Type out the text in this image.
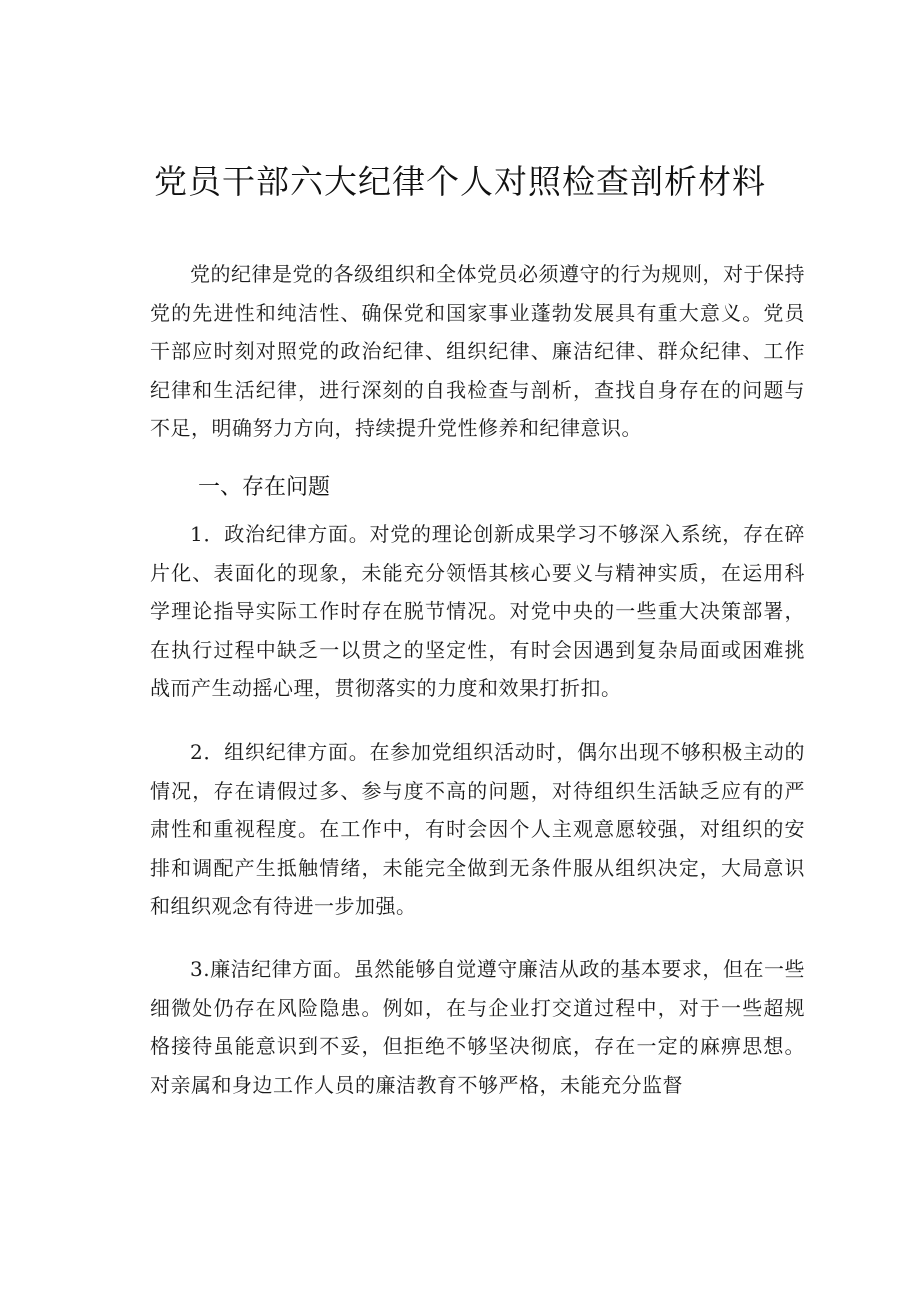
党员干部六大纪律个人对照检查剖析材料

党的纪律是党的各级组织和全体党员必须遵守的行为规则，对于保持党的先进性和纯洁性、确保党和国家事业蓬勃发展具有重大意义。党员干部应时刻对照党的政治纪律、组织纪律、廉洁纪律、群众纪律、工作纪律和生活纪律，进行深刻的自我检查与剖析，查找自身存在的问题与不足，明确努力方向，持续提升党性修养和纪律意识。

一、存在问题

1．政治纪律方面。对党的理论创新成果学习不够深入系统，存在碎片化、表面化的现象，未能充分领悟其核心要义与精神实质，在运用科学理论指导实际工作时存在脱节情况。对党中央的一些重大决策部署，在执行过程中缺乏一以贯之的坚定性，有时会因遇到复杂局面或困难挑战而产生动摇心理，贯彻落实的力度和效果打折扣。

2．组织纪律方面。在参加党组织活动时，偶尔出现不够积极主动的情况，存在请假过多、参与度不高的问题，对待组织生活缺乏应有的严肃性和重视程度。在工作中，有时会因个人主观意愿较强，对组织的安排和调配产生抵触情绪，未能完全做到无条件服从组织决定，大局意识和组织观念有待进一步加强。

3.廉洁纪律方面。虽然能够自觉遵守廉洁从政的基本要求，但在一些细微处仍存在风险隐患。例如，在与企业打交道过程中，对于一些超规格接待虽能意识到不妥，但拒绝不够坚决彻底，存在一定的麻痹思想。对亲属和身边工作人员的廉洁教育不够严格，未能充分监督
